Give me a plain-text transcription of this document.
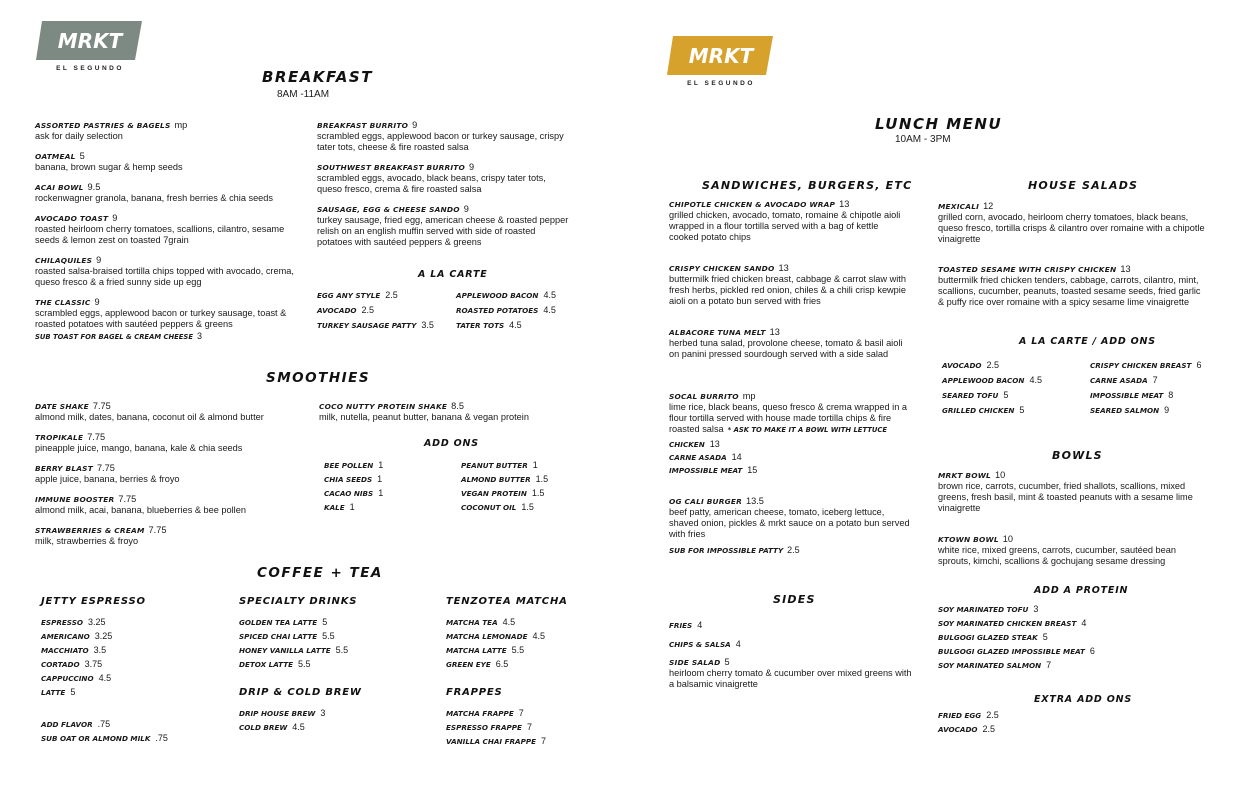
MRKT
EL SEGUNDO	BREAKFAST
8AM -11AM
ASSORTED PASTRIES & BAGELS mp
ask for daily selection
OATMEAL 5
banana, brown sugar & hemp seeds
ACAI BOWL 9.5
rockenwagner granola, banana, fresh berries & chia seeds
AVOCADO TOAST 9
roasted heirloom cherry tomatoes, scallions, cilantro, sesame seeds & lemon zest on toasted 7grain
CHILAQUILES 9
roasted salsa-braised tortilla chips topped with avocado, crema, queso fresco & a fried sunny side up egg
THE CLASSIC 9
scrambled eggs, applewood bacon or turkey sausage, toast & roasted potatoes with sautéed peppers & greens
BREAKFAST BURRITO 9
scrambled eggs, applewood bacon or turkey sausage, crispy tater tots, cheese & fire roasted salsa
SOUTHWEST BREAKFAST BURRITO 9
scrambled eggs, avocado, black beans, crispy tater tots, queso fresco, crema & fire roasted salsa
SAUSAGE, EGG & CHEESE SANDO 9
turkey sausage, fried egg, american cheese & roasted pepper relish on an english muffin served with side of roasted potatoes with sautéed peppers & greens
SUB TOAST FOR BAGEL & CREAM CHEESE 3
A LA CARTE
EGG ANY STYLE 2.5
AVOCADO 2.5
TURKEY SAUSAGE PATTY 3.5
APPLEWOOD BACON 4.5
ROASTED POTATOES 4.5
TATER TOTS 4.5
SMOOTHIES
DATE SHAKE 7.75
almond milk, dates, banana, coconut oil & almond butter
TROPIKALE 7.75
pineapple juice, mango, banana, kale & chia seeds
BERRY BLAST 7.75
apple juice, banana, berries & froyo
IMMUNE BOOSTER 7.75
almond milk, acai, banana, blueberries & bee pollen
STRAWBERRIES & CREAM 7.75
milk, strawberries & froyo
COCO NUTTY PROTEIN SHAKE 8.5
milk, nutella, peanut butter, banana & vegan protein
ADD ONS
BEE POLLEN 1
CHIA SEEDS 1
CACAO NIBS 1
KALE 1
PEANUT BUTTER 1
ALMOND BUTTER 1.5
VEGAN PROTEIN 1.5
COCONUT OIL 1.5
COFFEE + TEA
JETTY ESPRESSO
ESPRESSO 3.25
AMERICANO 3.25
MACCHIATO 3.5
CORTADO 3.75
CAPPUCCINO 4.5
LATTE 5
ADD FLAVOR .75
SUB OAT OR ALMOND MILK .75
SPECIALTY DRINKS
GOLDEN TEA LATTE 5
SPICED CHAI LATTE 5.5
HONEY VANILLA LATTE 5.5
DETOX LATTE 5.5
DRIP & COLD BREW
DRIP HOUSE BREW 3
COLD BREW 4.5
TENZOTEA MATCHA
MATCHA TEA 4.5
MATCHA LEMONADE 4.5
MATCHA LATTE 5.5
GREEN EYE 6.5
FRAPPES
MATCHA FRAPPE 7
ESPRESSO FRAPPE 7
VANILLA CHAI FRAPPE 7
MRKT
EL SEGUNDO
LUNCH MENU
10AM - 3PM
SANDWICHES, BURGERS, ETC
CHIPOTLE CHICKEN & AVOCADO WRAP 13
grilled chicken, avocado, tomato, romaine & chipotle aioli wrapped in a flour tortilla served with a bag of kettle cooked potato chips
CRISPY CHICKEN SANDO 13
buttermilk fried chicken breast, cabbage & carrot slaw with fresh herbs, pickled red onion, chiles & a chili crisp kewpie aioli on a potato bun served with fries
ALBACORE TUNA MELT 13
herbed tuna salad, provolone cheese, tomato & basil aioli on panini pressed sourdough served with a side salad
SOCAL BURRITO mp
lime rice, black beans, queso fresco & crema wrapped in a flour tortilla served with house made tortilla chips & fire roasted salsa * ASK TO MAKE IT A BOWL WITH LETTUCE
CHICKEN 13
CARNE ASADA 14
IMPOSSIBLE MEAT 15
OG CALI BURGER 13.5
beef patty, american cheese, tomato, iceberg lettuce, shaved onion, pickles & mrkt sauce on a potato bun served with fries
SUB FOR IMPOSSIBLE PATTY 2.5
SIDES
FRIES 4
CHIPS & SALSA 4
SIDE SALAD 5
heirloom cherry tomato & cucumber over mixed greens with a balsamic vinaigrette
HOUSE SALADS
MEXICALI 12
grilled corn, avocado, heirloom cherry tomatoes, black beans, queso fresco, tortilla crisps & cilantro over romaine with a chipotle vinaigrette
TOASTED SESAME WITH CRISPY CHICKEN 13
buttermilk fried chicken tenders, cabbage, carrots, cilantro, mint, scallions, cucumber, peanuts, toasted sesame seeds, fried garlic & puffy rice over romaine with a spicy sesame lime vinaigrette
A LA CARTE / ADD ONS
AVOCADO 2.5
APPLEWOOD BACON 4.5
SEARED TOFU 5
GRILLED CHICKEN 5
CRISPY CHICKEN BREAST 6
CARNE ASADA 7
IMPOSSIBLE MEAT 8
SEARED SALMON 9
BOWLS
MRKT BOWL 10
brown rice, carrots, cucumber, fried shallots, scallions, mixed greens, fresh basil, mint & toasted peanuts with a sesame lime vinaigrette
KTOWN BOWL 10
white rice, mixed greens, carrots, cucumber, sautéed bean sprouts, kimchi, scallions & gochujang sesame dressing
ADD A PROTEIN
SOY MARINATED TOFU 3
SOY MARINATED CHICKEN BREAST 4
BULGOGI GLAZED STEAK 5
BULGOGI GLAZED IMPOSSIBLE MEAT 6
SOY MARINATED SALMON 7
EXTRA ADD ONS
FRIED EGG 2.5
AVOCADO 2.5
